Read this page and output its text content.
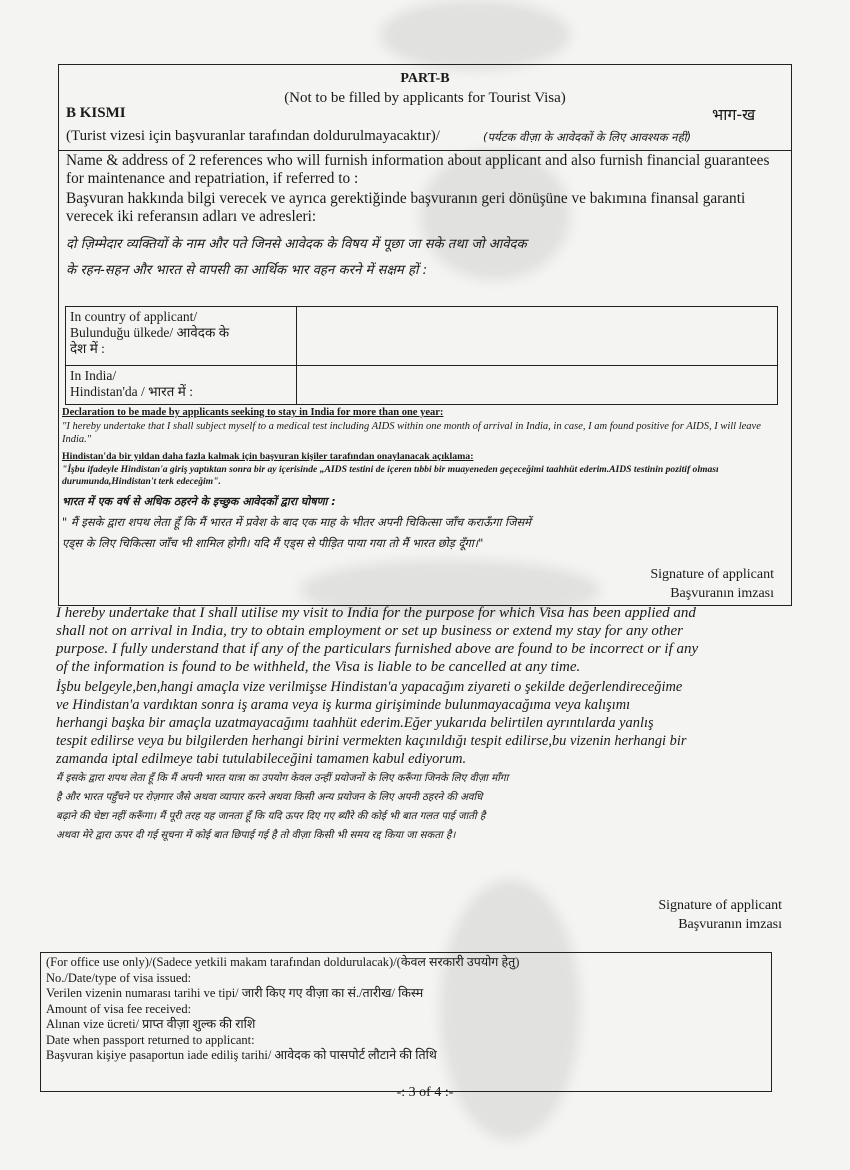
PART-B
(Not to be filled by applicants for Tourist Visa)
B KISMI	भाग-ख
(Turist vizesi için başvuranlar tarafından doldurulmayacaktır)/	(पर्यटक वीज़ा के आवेदकों के लिए आवश्यक नहीं)
Name & address of 2 references who will furnish information about applicant and also furnish financial guarantees for maintenance and repatriation, if referred to :
Başvuran hakkında bilgi verecek ve ayrıca gerektiğinde başvuranın geri dönüşüne ve bakımına finansal garanti verecek iki referansın adları ve adresleri:
दो ज़िम्मेदार व्यक्तियों के नाम और पते जिनसे आवेदक के विषय में पूछा जा सके तथा जो आवेदक
के रहन-सहन और भारत से वापसी का आर्थिक भार वहन करने में सक्षम हों :
In country of applicant/
Bulunduğu ülkede/ आवेदक के
देश में :	

In India/
Hindistan'da / भारत में :	

Declaration to be made by applicants seeking to stay in India for more than one year:
"I hereby undertake that I shall subject myself to a medical test including AIDS within one month of arrival in India, in case, I am found positive for AIDS, I will leave India."
Hindistan'da bir yıldan daha fazla kalmak için başvuran kişiler tarafından onaylanacak açıklama:
"İşbu ifadeyle Hindistan'a giriş yaptıktan sonra bir ay içerisinde „AIDS testini de içeren tıbbi bir muayeneden geçeceğimi taahhüt ederim.AIDS testinin pozitif olması durumunda,Hindistan't terk edeceğim".
भारत में एक वर्ष से अधिक ठहरने के इच्छुक आवेदकों द्वारा घोषणा :
" मैं इसके द्वारा शपथ लेता हूँ कि मैं भारत में प्रवेश के बाद एक माह के भीतर अपनी चिकित्सा जाँच कराऊँगा जिसमें
एड्स के लिए चिकित्सा जाँच भी शामिल होगी। यदि मैं एड्स से पीड़ित पाया गया तो मैं भारत छोड़ दूँगा।"
Signature of applicant
Başvuranın imzası
I hereby undertake that I shall utilise my visit to India for the purpose for which Visa has been applied and
shall not on arrival in India, try to obtain employment or set up business or extend my stay for any other
purpose. I fully understand that if any of the particulars furnished above are found to be incorrect or if any
of the information is found to be withheld, the Visa is liable to be cancelled at any time.
İşbu belgeyle,ben,hangi amaçla vize verilmişse Hindistan'a yapacağım ziyareti o şekilde değerlendireceğime
ve Hindistan'a vardıktan sonra iş arama veya iş kurma girişiminde bulunmayacağıma veya kalışımı
herhangi başka bir amaçla uzatmayacağımı taahhüt ederim.Eğer yukarıda belirtilen ayrıntılarda yanlış
tespit edilirse veya bu bilgilerden herhangi birini vermekten kaçınıldığı tespit edilirse,bu vizenin herhangi bir
zamanda iptal edilmeye tabi tutulabileceğini tamamen kabul ediyorum.
मैं इसके द्वारा शपथ लेता हूँ कि मैं अपनी भारत यात्रा का उपयोग केवल उन्हीं प्रयोजनों के लिए करूँगा जिनके लिए वीज़ा माँगा
है और भारत पहुँचने पर रोज़गार जैसे अथवा व्यापार करने अथवा किसी अन्य प्रयोजन के लिए अपनी ठहरने की अवधि
बढ़ाने की चेष्टा नहीं करूँगा। मैं पूरी तरह यह जानता हूँ कि यदि ऊपर दिए गए ब्यौरे की कोई भी बात गलत पाई जाती है
अथवा मेरे द्वारा ऊपर दी गई सूचना में कोई बात छिपाई गई है तो वीज़ा किसी भी समय रद्द किया जा सकता है।
Signature of applicant
Başvuranın imzası
(For office use only)/(Sadece yetkili makam tarafından doldurulacak)/(केवल सरकारी उपयोग हेतु)
No./Date/type of visa issued:
Verilen vizenin numarası tarihi ve tipi/ जारी किए गए वीज़ा का सं./तारीख/ किस्म
Amount of visa fee received:
Alınan vize ücreti/ प्राप्त वीज़ा शुल्क की राशि
Date when passport returned to applicant:
Başvuran kişiye pasaportun iade ediliş tarihi/ आवेदक को पासपोर्ट लौटाने की तिथि
-: 3 of 4 :-
